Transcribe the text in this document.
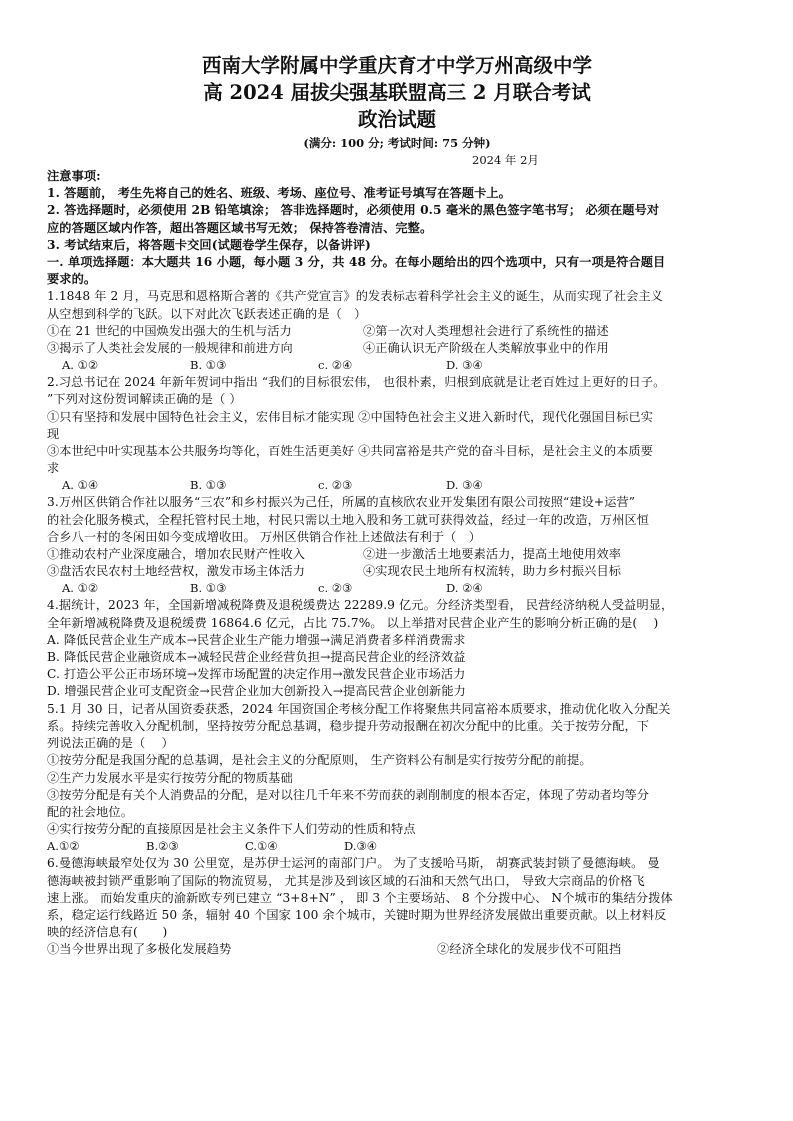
西南大学附属中学重庆育才中学万州高级中学
高 2024 届拔尖强基联盟高三 2 月联合考试
政治试题
(满分: 100 分; 考试时间: 75 分钟)
2024 年 2月
注意事项:
1. 答题前， 考生先将自己的姓名、班级、考场、座位号、准考证号填写在答题卡上。
2. 答选择题时，必须使用 2B 铅笔填涂； 答非选择题时，必须使用 0.5 毫米的黑色签字笔书写； 必须在题号对
应的答题区域内作答，超出答题区域书写无效； 保持答卷清洁、完整。
3. 考试结束后，将答题卡交回(试题卷学生保存，以备讲评)
一. 单项选择题：本大题共 16 小题，每小题 3 分，共 48 分。在每小题给出的四个选项中，只有一项是符合题目
要求的。
1.1848 年 2 月，马克思和恩格斯合著的《共产党宣言》的发表标志着科学社会主义的诞生，从而实现了社会主义
从空想到科学的飞跃。以下对此次飞跃表述正确的是（　）
①在 21 世纪的中国焕发出强大的生机与活力	②第一次对人类理想社会进行了系统性的描述
③揭示了人类社会发展的一般规律和前进方向	④正确认识无产阶级在人类解放事业中的作用
A. ①②	B. ①③	c. ②④	D. ③④
2.习总书记在 2024 年新年贺词中指出 “我们的目标很宏伟， 也很朴素，归根到底就是让老百姓过上更好的日子。
”下列对这份贺词解读正确的是（ ）
①只有坚持和发展中国特色社会主义，宏伟目标才能实现 ②中国特色社会主义进入新时代，现代化强国目标已实
现
③本世纪中叶实现基本公共服务均等化，百姓生活更美好 ④共同富裕是共产党的奋斗目标，是社会主义的本质要
求
A. ①④	B. ①③	c. ②③	D. ③④
3.万州区供销合作社以服务“三农”和乡村振兴为己任，所属的直核欣农业开发集团有限公司按照“建设+运营”
的社会化服务模式，全程托管村民土地，村民只需以土地入股和务工就可获得效益，经过一年的改造，万州区恒
合乡八一村的冬闲田如今变成增收田。 万州区供销合作社上述做法有利于（　）
①推动农村产业深度融合，增加农民财产性收入	②进一步激活土地要素活力，提高土地使用效率
③盘活农民农村土地经营权，激发市场主体活力	④实现农民土地所有权流转，助力乡村振兴目标
A. ①②	B. ①③	c. ②③	D. ②④
4.据统计，2023 年，全国新增减税降费及退税缓费达 22289.9 亿元。分经济类型看， 民营经济纳税人受益明显，
全年新增减税降费及退税缓费 16864.6 亿元，占比 75.7%。 以上举措对民营企业产生的影响分析正确的是(　 )
A. 降低民营企业生产成本→民营企业生产能力增强→满足消费者多样消费需求
B. 降低民营企业融资成本→减轻民营企业经营负担→提高民营企业的经济效益
C. 打造公平公正市场环境→发挥市场配置的决定作用→激发民营企业市场活力
D. 增强民营企业可支配资金→民营企业加大创新投入→提高民营企业创新能力
5.1 月 30 日，记者从国资委获悉，2024 年国资国企考核分配工作将聚焦共同富裕本质要求，推动优化收入分配关
系。持续完善收入分配机制，坚持按劳分配总基调，稳步提升劳动报酬在初次分配中的比重。关于按劳分配，下
列说法正确的是（　 ）
①按劳分配是我国分配的总基调，是社会主义的分配原则， 生产资料公有制是实行按劳分配的前提。
②生产力发展水平是实行按劳分配的物质基础
③按劳分配是有关个人消费品的分配，是对以往几千年来不劳而获的剥削制度的根本否定，体现了劳动者均等分
配的社会地位。
④实行按劳分配的直接原因是社会主义条件下人们劳动的性质和特点
A.①②	B.②③	C.①④	D.③④
6.曼德海峡最窄处仅为 30 公里宽，是苏伊士运河的南部门户。 为了支援哈马斯， 胡赛武装封锁了曼德海峡。 曼
德海峡被封锁严重影响了国际的物流贸易， 尤其是涉及到该区域的石油和天然气出口， 导致大宗商品的价格飞
速上涨。 而始发重庆的渝新欧专列已建立 “3+8+N” ， 即 3 个主要场站、 8 个分拨中心、 N个城市的集结分拨体
系，稳定运行线路近 50 条，辐射 40 个国家 100 余个城市，关键时期为世界经济发展做出重要贡献。以上材料反
映的经济信息有(　　)
①当今世界出现了多极化发展趋势	②经济全球化的发展步伐不可阻挡
